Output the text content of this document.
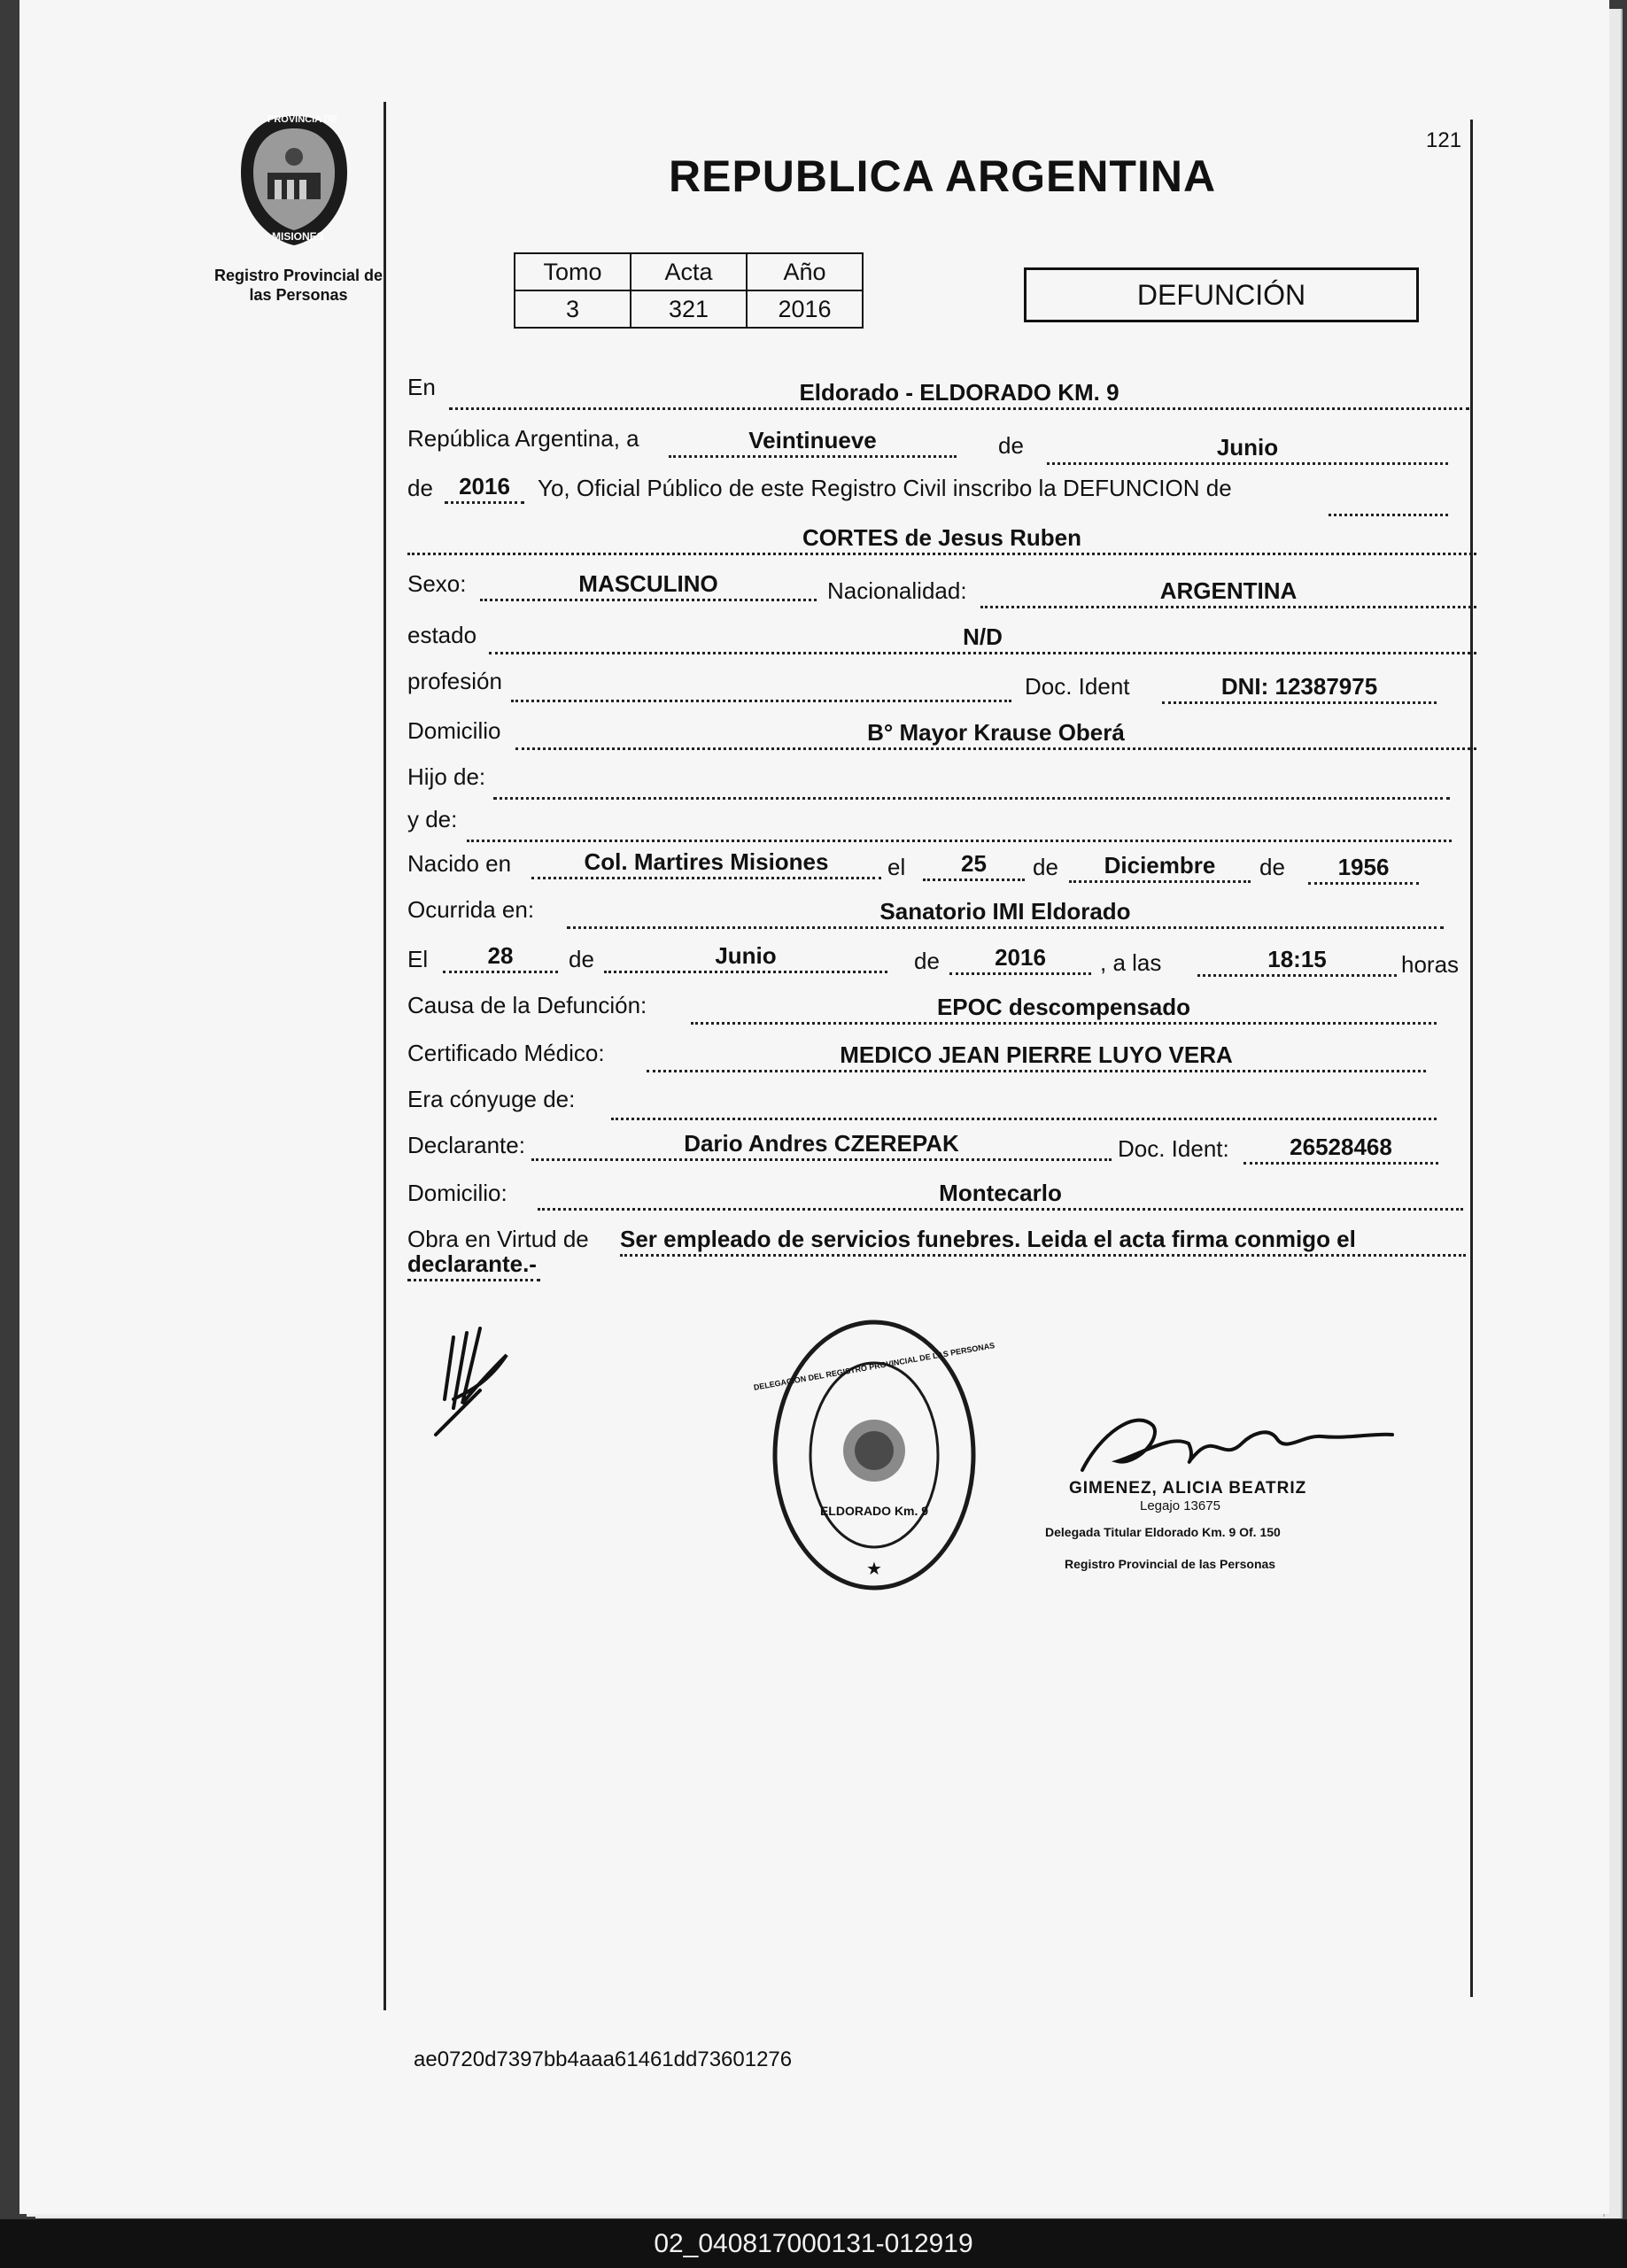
121
PROVINCIA DE
MISIONES
Registro Provincial de las Personas
REPUBLICA ARGENTINA
Tomo	Acta	Año
3	321	2016	DEFUNCIÓN
En	Eldorado - ELDORADO KM. 9
República Argentina, a	Veintinueve	de	Junio
de	2016	Yo, Oficial Público de este Registro Civil inscribo la DEFUNCION de
CORTES de Jesus Ruben
Sexo:	MASCULINO	Nacionalidad:	ARGENTINA
estado	N/D
profesión	Doc. Ident	DNI: 12387975
Domicilio	B° Mayor Krause Oberá
Hijo de:
y de:
Nacido en	Col. Martires Misiones	el	25	de	Diciembre	de	1956
Ocurrida en:	Sanatorio IMI Eldorado
El	28	de	Junio	de	2016	, a las	18:15	horas
Causa de la Defunción:	EPOC descompensado
Certificado Médico:	MEDICO JEAN PIERRE LUYO VERA
Era cónyuge de:
Declarante:	Dario Andres CZEREPAK	Doc. Ident:	26528468
Domicilio:	Montecarlo
Obra en Virtud de Ser empleado de servicios funebres. Leida el acta firma conmigo el
declarante.-
★
DELEGACION DEL REGISTRO PROVINCIAL DE LAS PERSONAS
ELDORADO Km. 9
GIMENEZ, ALICIA BEATRIZ
Legajo 13675
Delegada Titular Eldorado Km. 9 Of. 150
Registro Provincial de las Personas
ae0720d7397bb4aaa61461dd73601276
02_040817000131-012919
